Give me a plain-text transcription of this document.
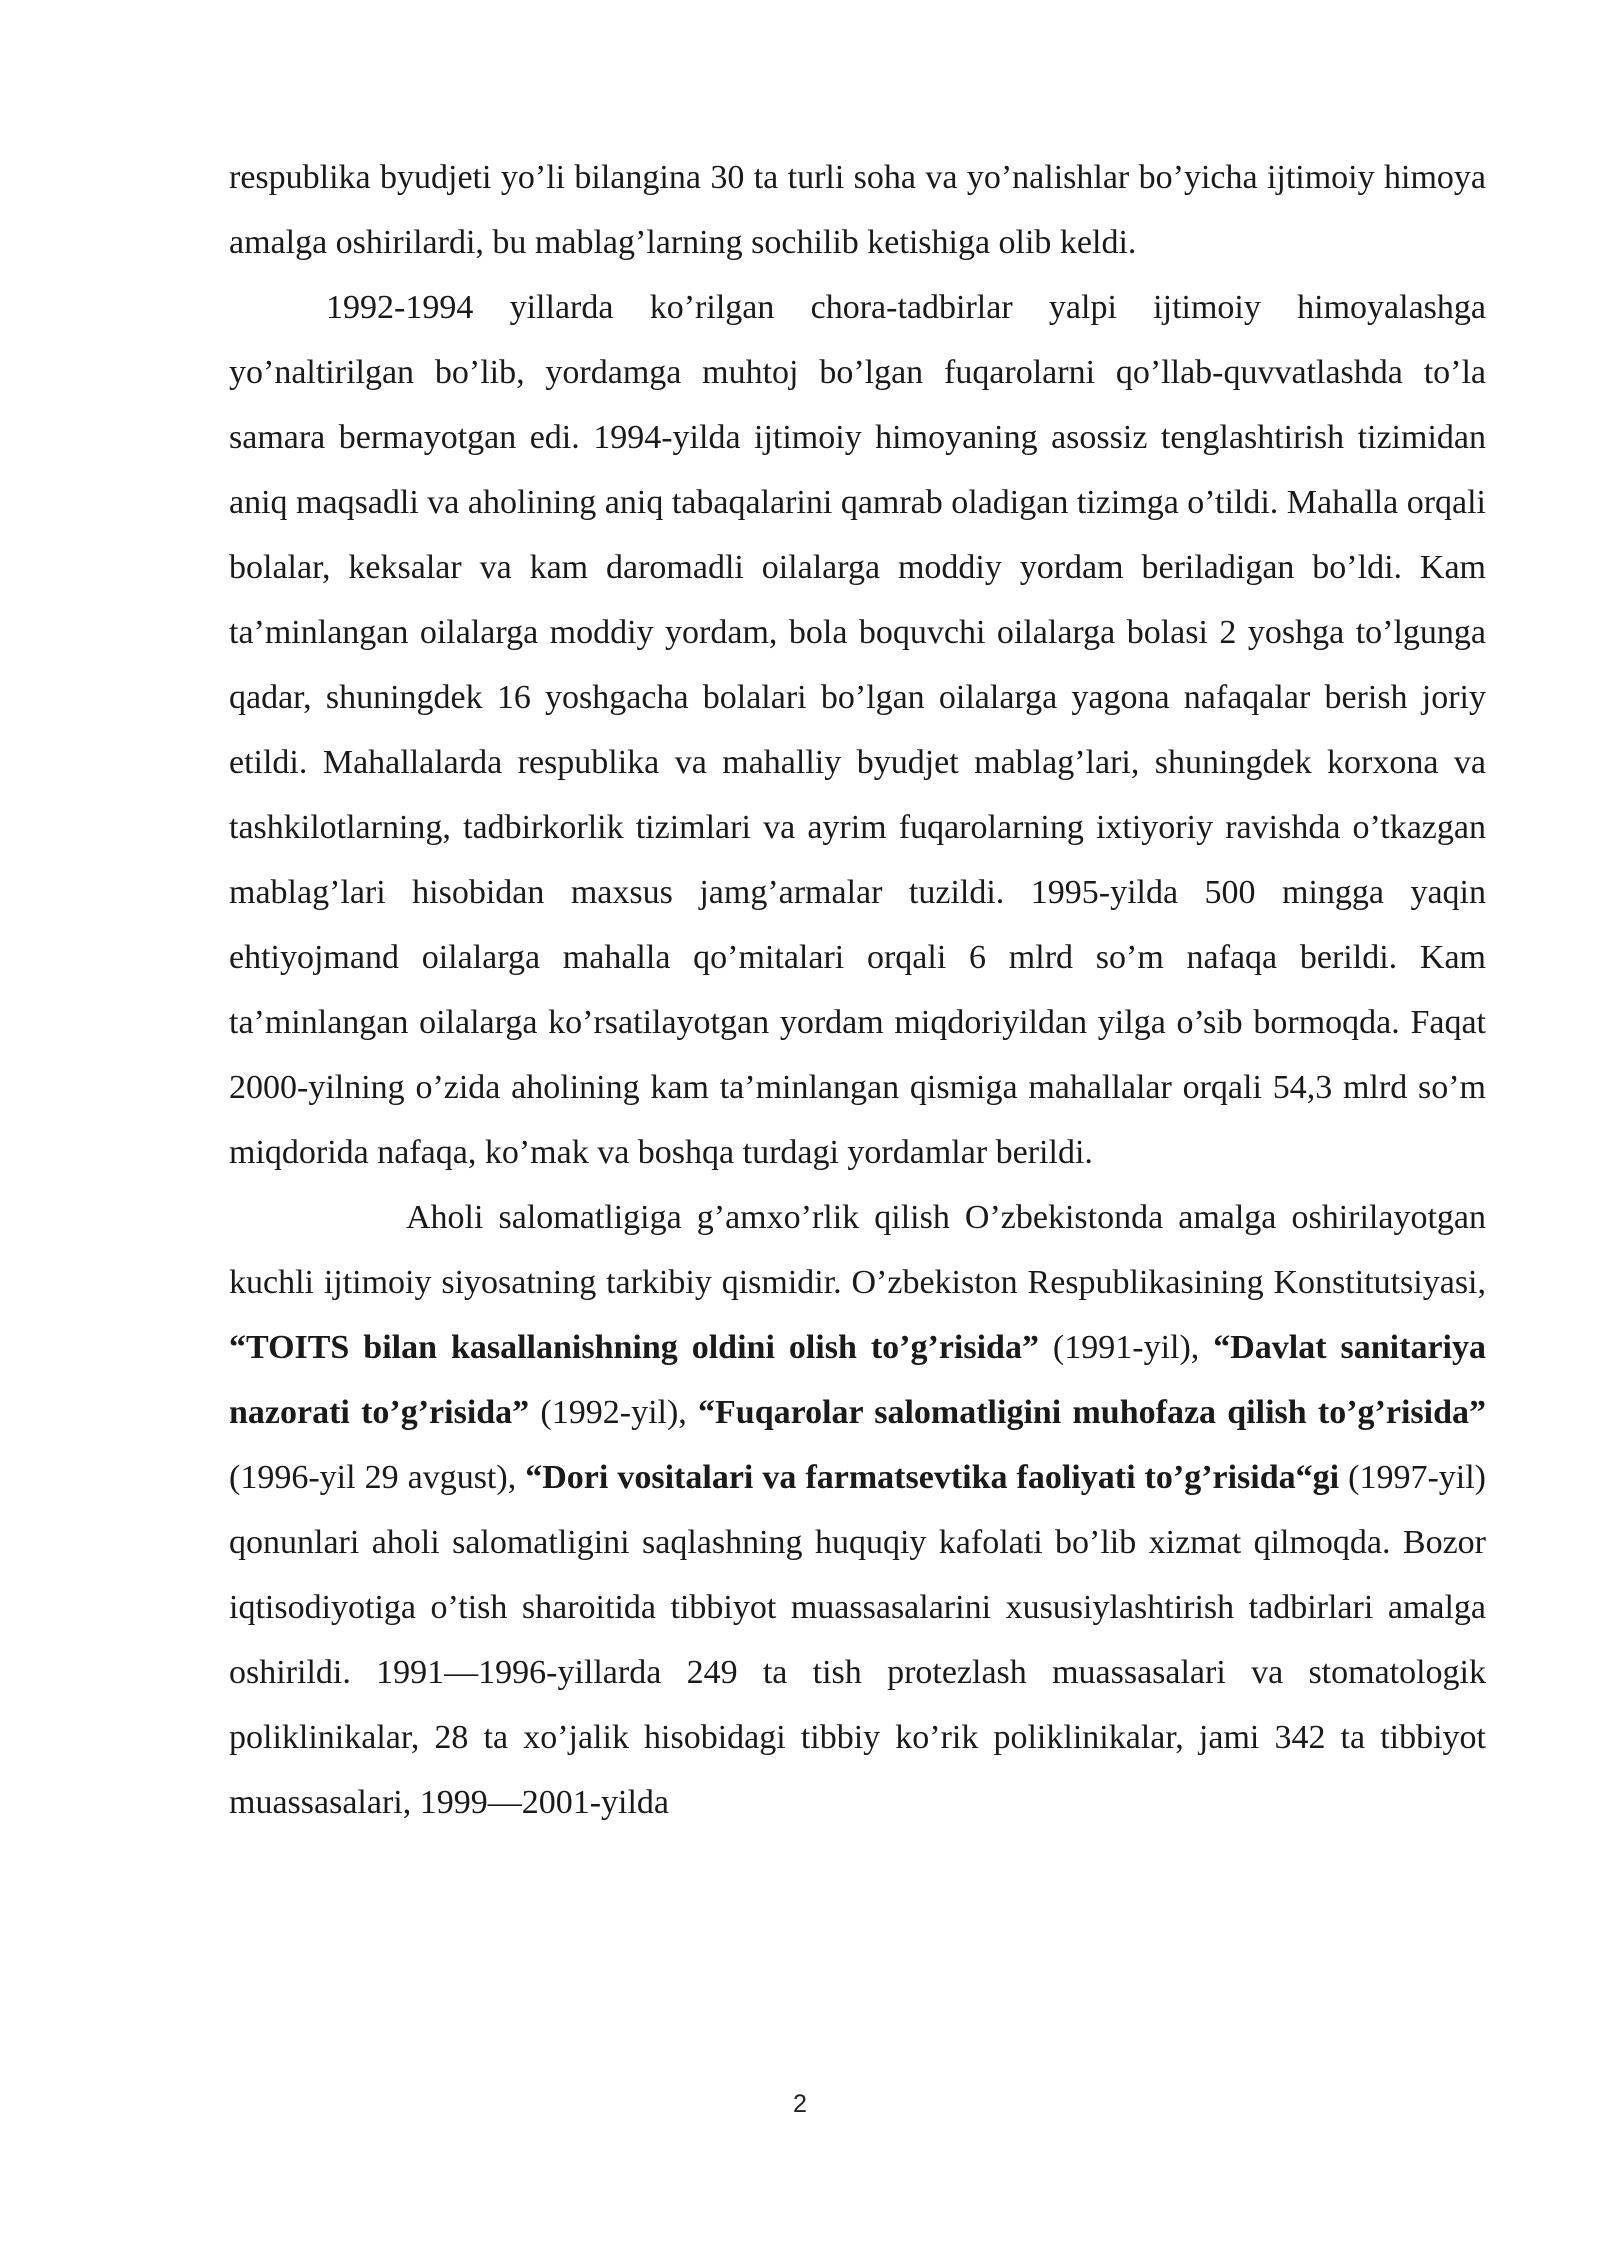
respublika byudjeti yo’li bilangina 30 ta turli soha va yo’nalishlar bo’yicha ijtimoiy himoya amalga oshirilardi, bu mablag’larning sochilib ketishiga olib keldi.

1992-1994 yillarda ko’rilgan chora-tadbirlar yalpi ijtimoiy himoyalashga yo’naltirilgan bo’lib, yordamga muhtoj bo’lgan fuqarolarni qo’llab-quvvatlashda to’la samara bermayotgan edi. 1994-yilda ijtimoiy himoyaning asossiz tenglashtirish tizimidan aniq maqsadli va aholining aniq tabaqalarini qamrab oladigan tizimga o’tildi. Mahalla orqali bolalar, keksalar va kam daromadli oilalarga moddiy yordam beriladigan bo’ldi. Kam ta’minlangan oilalarga moddiy yordam, bola boquvchi oilalarga bolasi 2 yoshga to’lgunga qadar, shuningdek 16 yoshgacha bolalari bo’lgan oilalarga yagona nafaqalar berish joriy etildi. Mahallalarda respublika va mahalliy byudjet mablag’lari, shuningdek korxona va tashkilotlarning, tadbirkorlik tizimlari va ayrim fuqarolarning ixtiyoriy ravishda o’tkazgan mablag’lari hisobidan maxsus jamg’armalar tuzildi. 1995-yilda 500 mingga yaqin ehtiyojmand oilalarga mahalla qo’mitalari orqali 6 mlrd so’m nafaqa berildi. Kam ta’minlangan oilalarga ko’rsatilayotgan yordam miqdoriyildan yilga o’sib bormoqda. Faqat 2000-yilning o’zida aholining kam ta’minlangan qismiga mahallalar orqali 54,3 mlrd so’m miqdorida nafaqa, ko’mak va boshqa turdagi yordamlar berildi.

Aholi salomatligiga g’amxo’rlik qilish O’zbekistonda amalga oshirilayotgan kuchli ijtimoiy siyosatning tarkibiy qismidir. O’zbekiston Respublikasining Konstitutsiyasi, “TOITS bilan kasallanishning oldini olish to’g’risida” (1991-yil), “Davlat sanitariya nazorati to’g’risida” (1992-yil), “Fuqarolar salomatligini muhofaza qilish to’g’risida” (1996-yil 29 avgust), “Dori vositalari va farmatsevtika faoliyati to’g’risida“gi (1997-yil) qonunlari aholi salomatligini saqlashning huquqiy kafolati bo’lib xizmat qilmoqda. Bozor iqtisodiyotiga o’tish sharoitida tibbiyot muassasalarini xususiylashtirish tadbirlari amalga oshirildi. 1991—1996-yillarda 249 ta tish protezlash muassasalari va stomatologik poliklinikalar, 28 ta xo’jalik hisobidagi tibbiy ko’rik poliklinikalar, jami 342 ta tibbiyot muassasalari, 1999—2001-yilda

2
